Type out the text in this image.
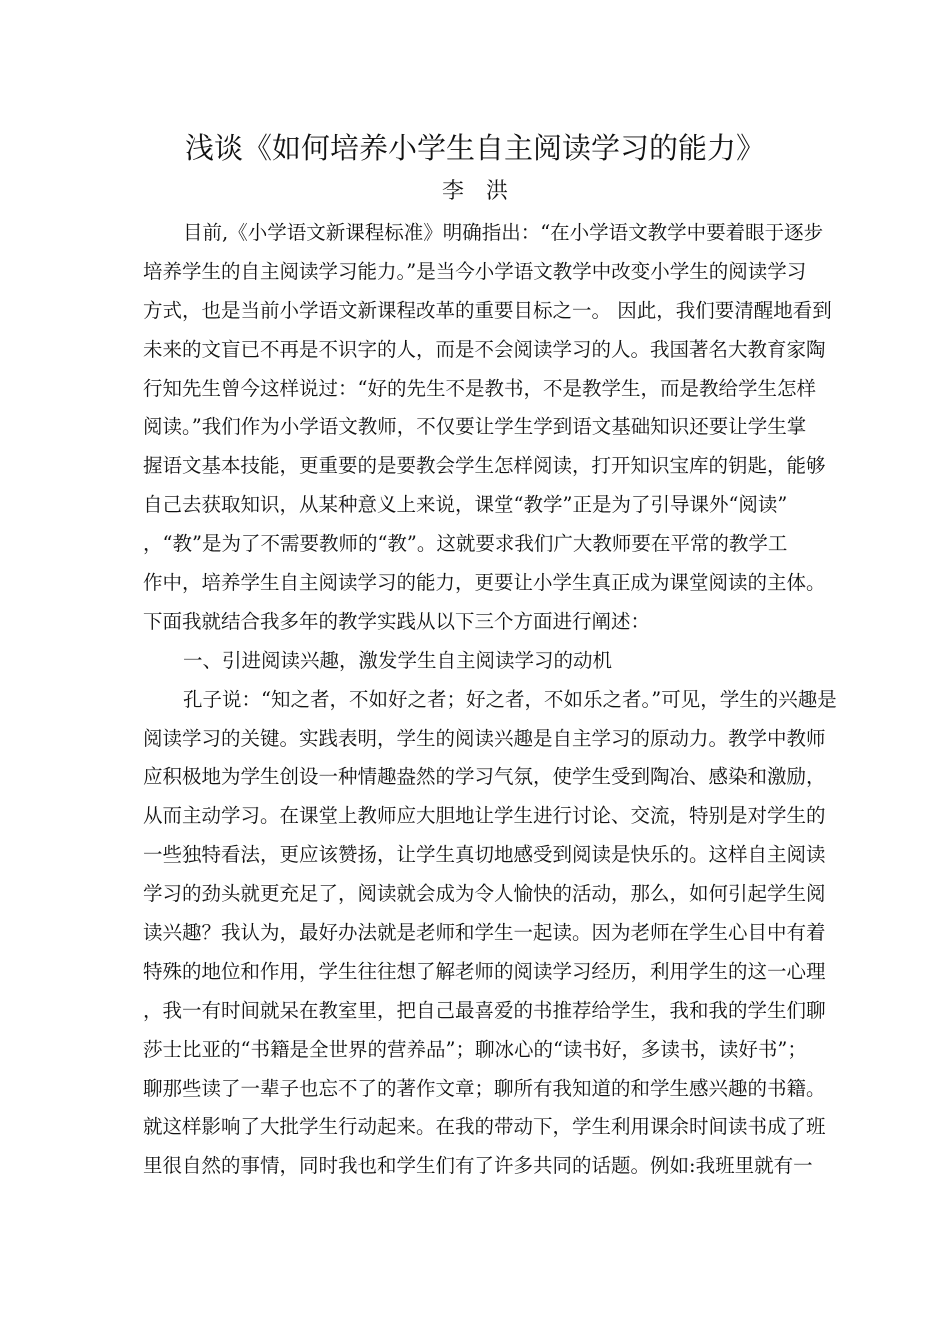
浅谈《如何培养小学生自主阅读学习的能力》
李　洪
目前,《小学语文新课程标准》明确指出：“在小学语文教学中要着眼于逐步
培养学生的自主阅读学习能力。”是当今小学语文教学中改变小学生的阅读学习
方式，也是当前小学语文新课程改革的重要目标之一。 因此，我们要清醒地看到
未来的文盲已不再是不识字的人，而是不会阅读学习的人。我国著名大教育家陶
行知先生曾今这样说过：“好的先生不是教书，不是教学生，而是教给学生怎样
阅读。”我们作为小学语文教师，不仅要让学生学到语文基础知识还要让学生掌
握语文基本技能，更重要的是要教会学生怎样阅读，打开知识宝库的钥匙，能够
自己去获取知识，从某种意义上来说，课堂“教学”正是为了引导课外“阅读”
，“教”是为了不需要教师的“教”。这就要求我们广大教师要在平常的教学工
作中，培养学生自主阅读学习的能力，更要让小学生真正成为课堂阅读的主体。
下面我就结合我多年的教学实践从以下三个方面进行阐述：
一、引进阅读兴趣，激发学生自主阅读学习的动机
孔子说：“知之者，不如好之者；好之者，不如乐之者。”可见，学生的兴趣是
阅读学习的关键。实践表明，学生的阅读兴趣是自主学习的原动力。教学中教师
应积极地为学生创设一种情趣盎然的学习气氛，使学生受到陶冶、感染和激励，
从而主动学习。在课堂上教师应大胆地让学生进行讨论、交流，特别是对学生的
一些独特看法，更应该赞扬，让学生真切地感受到阅读是快乐的。这样自主阅读
学习的劲头就更充足了，阅读就会成为令人愉快的活动，那么，如何引起学生阅
读兴趣？我认为，最好办法就是老师和学生一起读。因为老师在学生心目中有着
特殊的地位和作用，学生往往想了解老师的阅读学习经历，利用学生的这一心理
，我一有时间就呆在教室里，把自己最喜爱的书推荐给学生，我和我的学生们聊
莎士比亚的“书籍是全世界的营养品”；聊冰心的“读书好，多读书，读好书”；
聊那些读了一辈子也忘不了的著作文章；聊所有我知道的和学生感兴趣的书籍。
就这样影响了大批学生行动起来。在我的带动下，学生利用课余时间读书成了班
里很自然的事情，同时我也和学生们有了许多共同的话题。例如:我班里就有一
